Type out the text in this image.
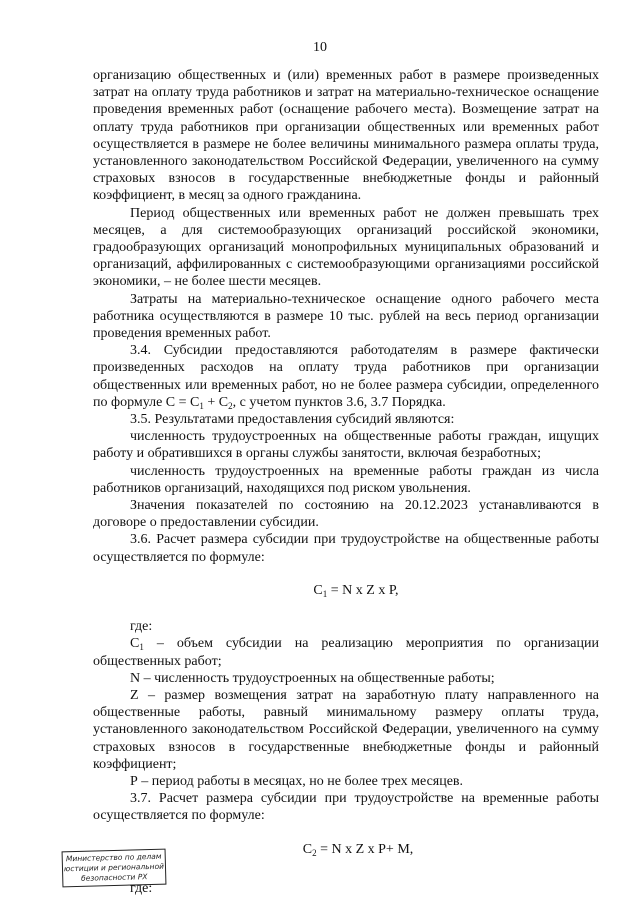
10

организацию общественных и (или) временных работ в размере произведенных затрат на оплату труда работников и затрат на материально-техническое оснащение проведения временных работ (оснащение рабочего места). Возмещение затрат на оплату труда работников при организации общественных или временных работ осуществляется в размере не более величины минимального размера оплаты труда, установленного законодательством Российской Федерации, увеличенного на сумму страховых взносов в государственные внебюджетные фонды и районный коэффициент, в месяц за одного гражданина.

Период общественных или временных работ не должен превышать трех месяцев, а для системообразующих организаций российской экономики, градообразующих организаций монопрофильных муниципальных образований и организаций, аффилированных с системообразующими организациями российской экономики, – не более шести месяцев.

Затраты на материально-техническое оснащение одного рабочего места работника осуществляются в размере 10 тыс. рублей на весь период организации проведения временных работ.

3.4. Субсидии предоставляются работодателям в размере фактически произведенных расходов на оплату труда работников при организации общественных или временных работ, но не более размера субсидии, определенного по формуле $С = С_1 + С_2$, с учетом пунктов 3.6, 3.7 Порядка.

3.5. Результатами предоставления субсидий являются:

численность трудоустроенных на общественные работы граждан, ищущих работу и обратившихся в органы службы занятости, включая безработных;

численность трудоустроенных на временные работы граждан из числа работников организаций, находящихся под риском увольнения.

Значения показателей по состоянию на 20.12.2023 устанавливаются в договоре о предоставлении субсидии.

3.6. Расчет размера субсидии при трудоустройстве на общественные работы осуществляется по формуле:

$С_1 = N$ x Z x P,

где:

$С_1$ – объем субсидии на реализацию мероприятия по организации общественных работ;

N – численность трудоустроенных на общественные работы;

Z – размер возмещения затрат на заработную плату направленного на общественные работы, равный минимальному размеру оплаты труда, установленного законодательством Российской Федерации, увеличенного на сумму страховых взносов в государственные внебюджетные фонды и районный коэффициент;

Р – период работы в месяцах, но не более трех месяцев.

3.7. Расчет размера субсидии при трудоустройстве на временные работы осуществляется по формуле:

$С_2 = N$ x Z x P+ M,

где:

Министерство по делам
юстиции и региональной
безопасности РХ
